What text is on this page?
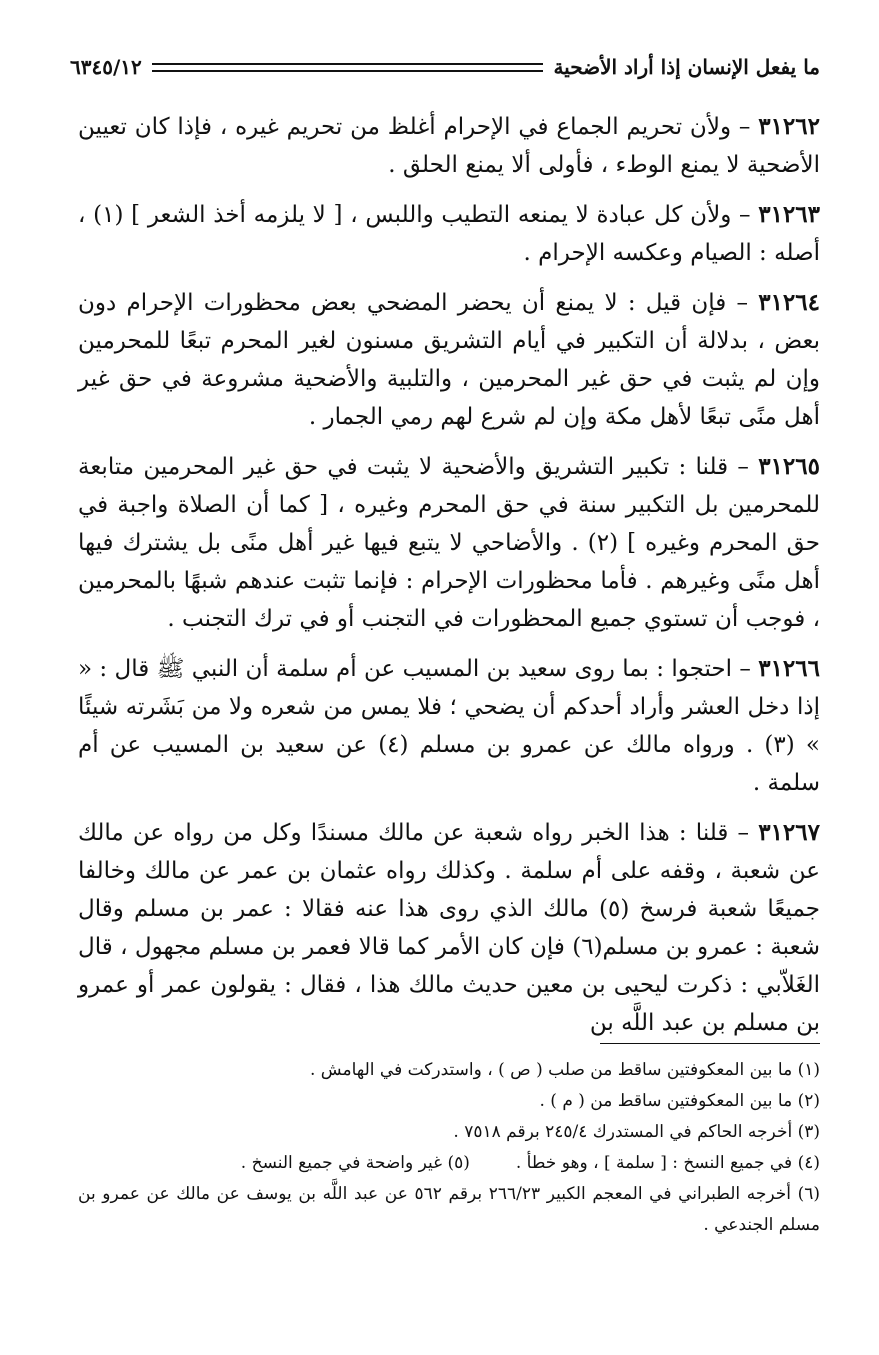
ما يفعل الإنسان إذا أراد الأضحية
٦٣٤٥/١٢

٣١٢٦٢ – ولأن تحريم الجماع في الإحرام أغلظ من تحريم غيره ، فإذا كان تعيين الأضحية لا يمنع الوطء ، فأولى ألا يمنع الحلق .

٣١٢٦٣ – ولأن كل عبادة لا يمنعه التطيب واللبس ، [ لا يلزمه أخذ الشعر ] (١) ، أصله : الصيام وعكسه الإحرام .

٣١٢٦٤ – فإن قيل : لا يمنع أن يحضر المضحي بعض محظورات الإحرام دون بعض ، بدلالة أن التكبير في أيام التشريق مسنون لغير المحرم تبعًا للمحرمين وإن لم يثبت في حق غير المحرمين ، والتلبية والأضحية مشروعة في حق غير أهل منًى تبعًا لأهل مكة وإن لم شرع لهم رمي الجمار .

٣١٢٦٥ – قلنا : تكبير التشريق والأضحية لا يثبت في حق غير المحرمين متابعة للمحرمين بل التكبير سنة في حق المحرم وغيره ، [ كما أن الصلاة واجبة في حق المحرم وغيره ] (٢) . والأضاحي لا يتبع فيها غير أهل منًى بل يشترك فيها أهل منًى وغيرهم . فأما محظورات الإحرام : فإنما تثبت عندهم شبهًا بالمحرمين ، فوجب أن تستوي جميع المحظورات في التجنب أو في ترك التجنب .

٣١٢٦٦ – احتجوا : بما روى سعيد بن المسيب عن أم سلمة أن النبي ﷺ قال : « إذا دخل العشر وأراد أحدكم أن يضحي ؛ فلا يمس من شعره ولا من بَشَرته شيئًا » (٣) . ورواه مالك عن عمرو بن مسلم (٤) عن سعيد بن المسيب عن أم سلمة .

٣١٢٦٧ – قلنا : هذا الخبر رواه شعبة عن مالك مسندًا وكل من رواه عن مالك عن شعبة ، وقفه على أم سلمة . وكذلك رواه عثمان بن عمر عن مالك وخالفا جميعًا شعبة فرسخ (٥) مالك الذي روى هذا عنه فقالا : عمر بن مسلم وقال شعبة : عمرو بن مسلم(٦) فإن كان الأمر كما قالا فعمر بن مسلم مجهول ، قال الغَلاّبي : ذكرت ليحيى بن معين حديث مالك هذا ، فقال : يقولون عمر أو عمرو بن مسلم بن عبد اللَّه بن

(١) ما بين المعكوفتين ساقط من صلب ( ص ) ، واستدركت في الهامش .

(٢) ما بين المعكوفتين ساقط من ( م ) .

(٣) أخرجه الحاكم في المستدرك ٢٤٥/٤ برقم ٧٥١٨ .

(٤) في جميع النسخ : [ سلمة ] ، وهو خطأ .
(٥) غير واضحة في جميع النسخ .

(٦) أخرجه الطبراني في المعجم الكبير ٢٦٦/٢٣ برقم ٥٦٢ عن عبد اللَّه بن يوسف عن مالك عن عمرو بن مسلم الجندعي .
